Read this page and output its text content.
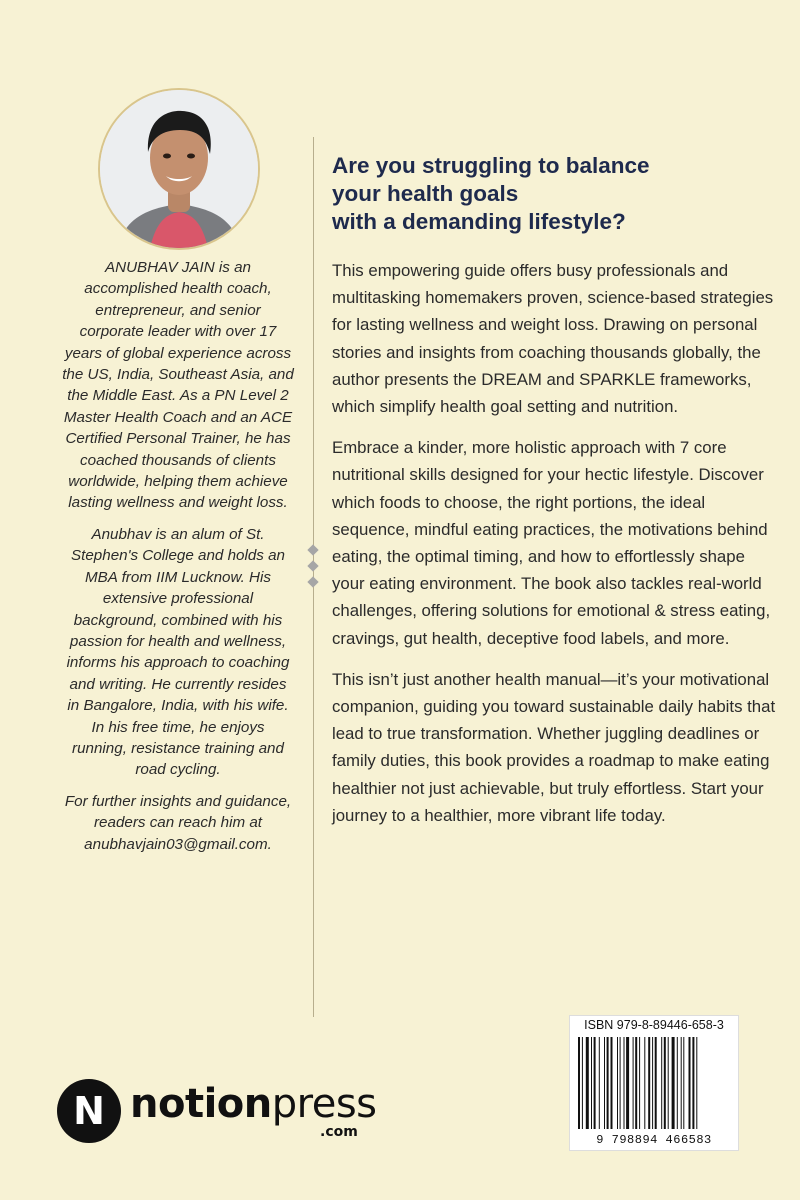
ANUBHAV JAIN is an accomplished health coach, entrepreneur, and senior corporate leader with over 17 years of global experience across the US, India, Southeast Asia, and the Middle East. As a PN Level 2 Master Health Coach and an ACE Certified Personal Trainer, he has coached thousands of clients worldwide, helping them achieve lasting wellness and weight loss.

Anubhav is an alum of St. Stephen's College and holds an MBA from IIM Lucknow. His extensive professional background, combined with his passion for health and wellness, informs his approach to coaching and writing. He currently resides in Bangalore, India, with his wife. In his free time, he enjoys running, resistance training and road cycling.

For further insights and guidance, readers can reach him at anubhavjain03@gmail.com.

Are you struggling to balance
your health goals
with a demanding lifestyle?

This empowering guide offers busy professionals and multitasking homemakers proven, science-based strategies for lasting wellness and weight loss. Drawing on personal stories and insights from coaching thousands globally, the author presents the DREAM and SPARKLE frameworks, which simplify health goal setting and nutrition.

Embrace a kinder, more holistic approach with 7 core nutritional skills designed for your hectic lifestyle. Discover which foods to choose, the right portions, the ideal sequence, mindful eating practices, the motivations behind eating, the optimal timing, and how to effortlessly shape your eating environment. The book also tackles real-world challenges, offering solutions for emotional & stress eating, cravings, gut health, deceptive food labels, and more.

This isn’t just another health manual—it’s your motivational companion, guiding you toward sustainable daily habits that lead to true transformation. Whether juggling deadlines or family duties, this book provides a roadmap to make eating healthier not just achievable, but truly effortless. Start your journey to a healthier, more vibrant life today.

ISBN 979-8-89446-658-3
9 798894 466583
N notionpress
.com
